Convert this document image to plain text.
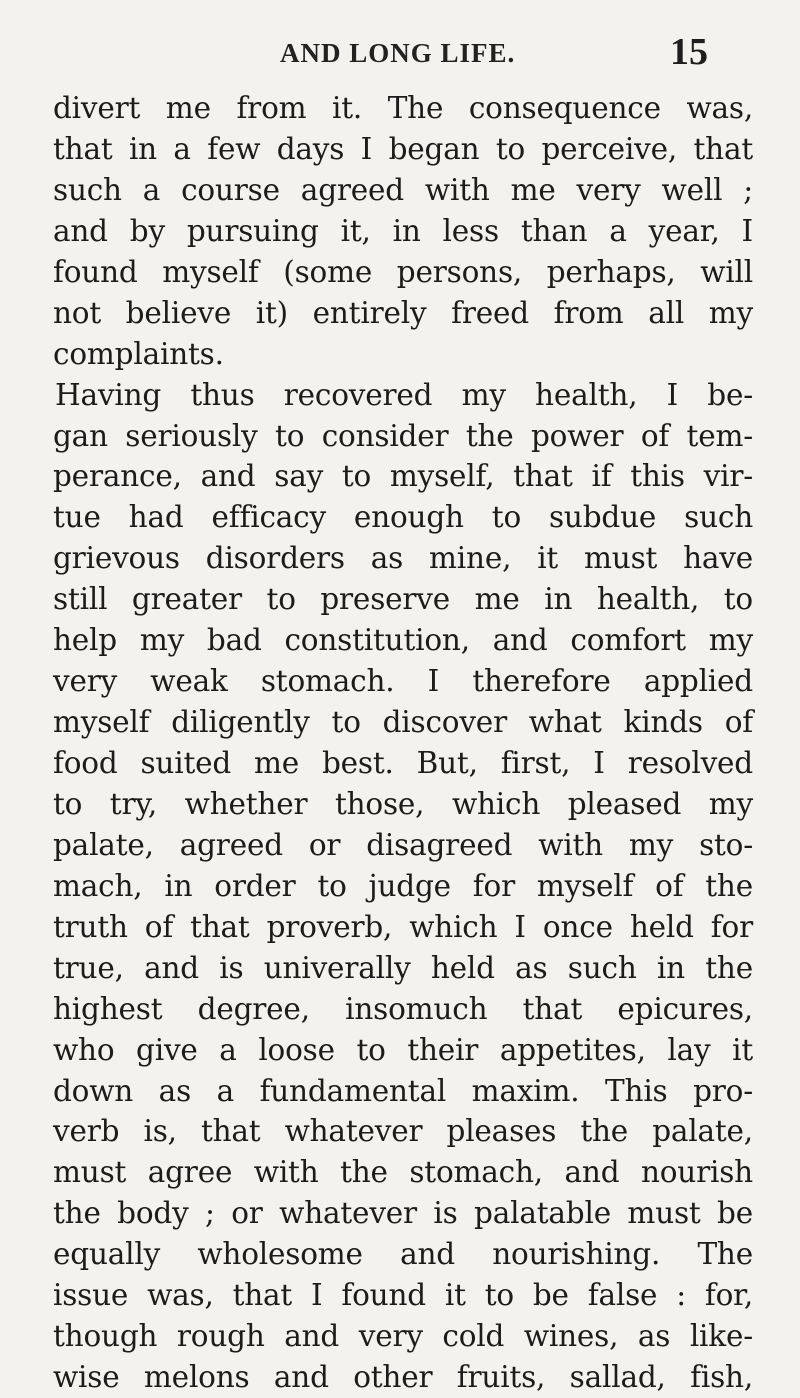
AND LONG LIFE.	15
divert me from it. The consequence was,
that in a few days I began to perceive, that
such a course agreed with me very well ;
and by pursuing it, in less than a year, I
found myself (some persons, perhaps, will
not believe it) entirely freed from all my
complaints.
Having thus recovered my health, I be-
gan seriously to consider the power of tem-
perance, and say to myself, that if this vir-
tue had efficacy enough to subdue such
grievous disorders as mine, it must have
still greater to preserve me in health, to
help my bad constitution, and comfort my
very weak stomach. I therefore applied
myself diligently to discover what kinds of
food suited me best. But, first, I resolved
to try, whether those, which pleased my
palate, agreed or disagreed with my sto-
mach, in order to judge for myself of the
truth of that proverb, which I once held for
true, and is univerally held as such in the
highest degree, insomuch that epicures,
who give a loose to their appetites, lay it
down as a fundamental maxim. This pro-
verb is, that whatever pleases the palate,
must agree with the stomach, and nourish
the body ; or whatever is palatable must be
equally wholesome and nourishing. The
issue was, that I found it to be false : for,
though rough and very cold wines, as like-
wise melons and other fruits, sallad, fish,
